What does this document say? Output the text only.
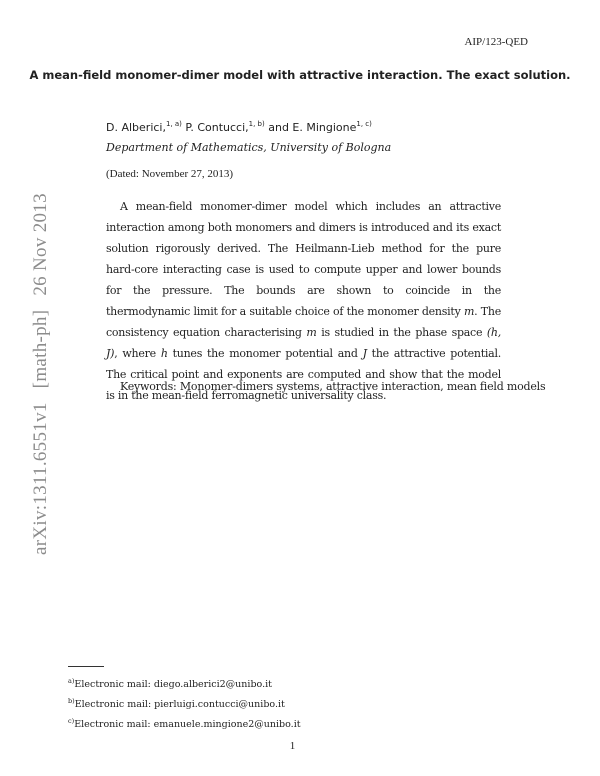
AIP/123-QED
A mean-field monomer-dimer model with attractive interaction. The exact solution.
D. Alberici,$^{1, a)}$ P. Contucci,$^{1, b)}$ and E. Mingione$^{1, c)}$
Department of Mathematics, University of Bologna
(Dated: November 27, 2013)
A mean-field monomer-dimer model which includes an attractive interaction among both monomers and dimers is introduced and its exact solution rigorously derived. The Heilmann-Lieb method for the pure hard-core interacting case is used to compute upper and lower bounds for the pressure. The bounds are shown to coincide in the thermodynamic limit for a suitable choice of the monomer density m. The consistency equation characterising m is studied in the phase space (h, J), where h tunes the monomer potential and J the attractive potential. The critical point and exponents are computed and show that the model is in the mean-field ferromagnetic universality class.
Keywords: Monomer-dimers systems, attractive interaction, mean field models
arXiv:1311.6551v1[math-ph]26 Nov 2013
$^{a)}$Electronic mail: diego.alberici2@unibo.it
$^{b)}$Electronic mail: pierluigi.contucci@unibo.it
$^{c)}$Electronic mail: emanuele.mingione2@unibo.it
1
